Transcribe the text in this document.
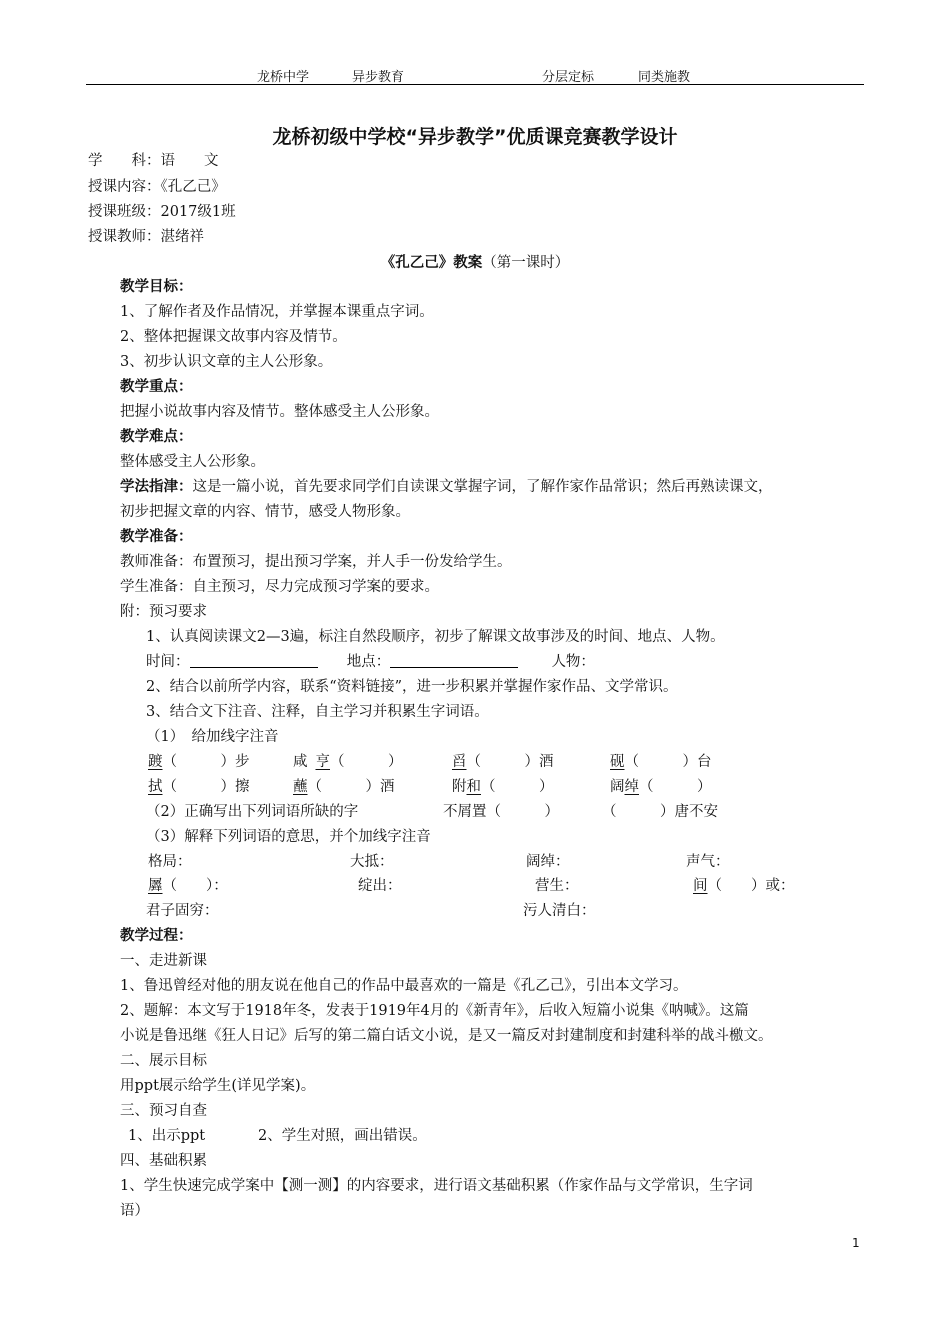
龙桥中学	异步教育	分层定标	同类施教
龙桥初级中学校“异步教学”优质课竞赛教学设计
学　　科：语　　文
授课内容：《孔乙己》
授课班级：2017级1班
授课教师：湛绪祥
《孔乙己》教案（第一课时）
教学目标：
1、了解作者及作品情况，并掌握本课重点字词。
2、整体把握课文故事内容及情节。
3、初步认识文章的主人公形象。
教学重点：
把握小说故事内容及情节。整体感受主人公形象。
教学难点：
整体感受主人公形象。
学法指津：这是一篇小说，首先要求同学们自读课文掌握字词，了解作家作品常识；然后再熟读课文，
初步把握文章的内容、情节，感受人物形象。
教学准备：
教师准备：布置预习，提出预习学案，并人手一份发给学生。
学生准备：自主预习，尽力完成预习学案的要求。
附：预习要求
1、认真阅读课文2—3遍，标注自然段顺序，初步了解课文故事涉及的时间、地点、人物。
时间：	地点：	人物：
2、结合以前所学内容，联系“资料链接”，进一步积累并掌握作家作品、文学常识。
3、结合文下注音、注释，自主学习并积累生字词语。
（1）　给加线字注音
踱（　　　）步	咸 亨（　　　）	舀（　　　）酒	砚（　　　）台
拭（　　　）擦	蘸（　　　）酒	附和（　　　）	阔绰（　　　）
（2）正确写出下列词语所缺的字	不屑置（　　　）	（　　　）唐不安
（3）解释下列词语的意思，并个加线字注音
格局：	大抵：	阔绰：	声气：
羼（　　）：	绽出：	营生：	间（　　）或：
君子固穷：	污人清白：
教学过程：
一、走进新课
1、鲁迅曾经对他的朋友说在他自己的作品中最喜欢的一篇是《孔乙己》，引出本文学习。
2、题解：本文写于1918年冬，发表于1919年4月的《新青年》，后收入短篇小说集《呐喊》。这篇
小说是鲁迅继《狂人日记》后写的第二篇白话文小说，是又一篇反对封建制度和封建科举的战斗檄文。
二、展示目标
用ppt展示给学生(详见学案)。
三、预习自查
1、出示ppt	2、学生对照，画出错误。
四、基础积累
1、学生快速完成学案中【测一测】的内容要求，进行语文基础积累（作家作品与文学常识，生字词
语）
1
